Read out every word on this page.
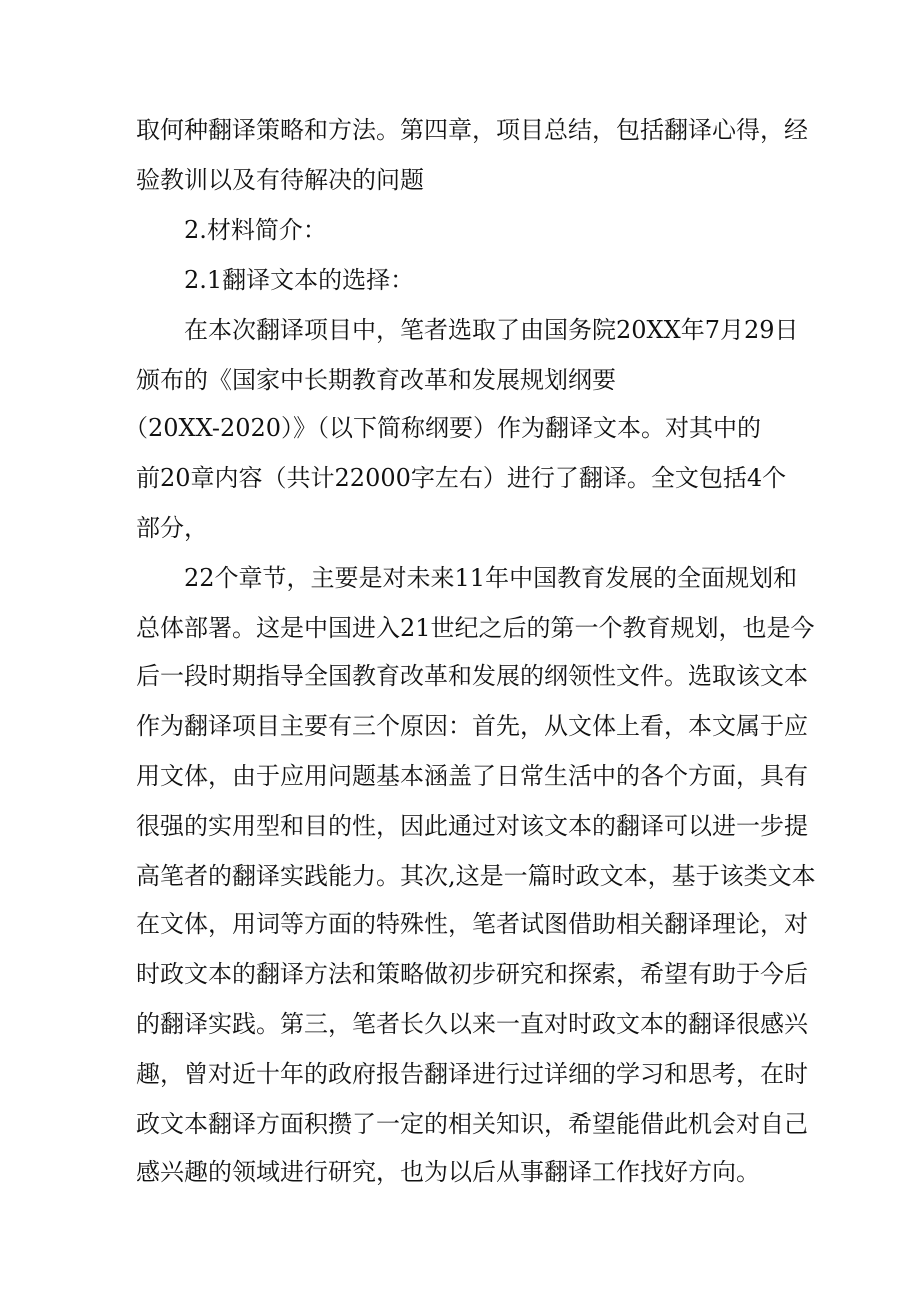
取何种翻译策略和方法。第四章，项目总结，包括翻译心得，经
验教训以及有待解决的问题
2.材料简介：
2.1翻译文本的选择：
在本次翻译项目中，笔者选取了由国务院20XX年7月29日
颁布的《国家中长期教育改革和发展规划纲要
（20XX-2020）》（以下简称纲要）作为翻译文本。对其中的
前20章内容（共计22000字左右）进行了翻译。全文包括4个
部分，
22个章节，主要是对未来11年中国教育发展的全面规划和
总体部署。这是中国进入21世纪之后的第一个教育规划，也是今
后一段时期指导全国教育改革和发展的纲领性文件。选取该文本
作为翻译项目主要有三个原因：首先，从文体上看，本文属于应
用文体，由于应用问题基本涵盖了日常生活中的各个方面，具有
很强的实用型和目的性，因此通过对该文本的翻译可以进一步提
高笔者的翻译实践能力。其次,这是一篇时政文本，基于该类文本
在文体，用词等方面的特殊性，笔者试图借助相关翻译理论，对
时政文本的翻译方法和策略做初步研究和探索，希望有助于今后
的翻译实践。第三，笔者长久以来一直对时政文本的翻译很感兴
趣，曾对近十年的政府报告翻译进行过详细的学习和思考，在时
政文本翻译方面积攒了一定的相关知识，希望能借此机会对自己
感兴趣的领域进行研究，也为以后从事翻译工作找好方向。
